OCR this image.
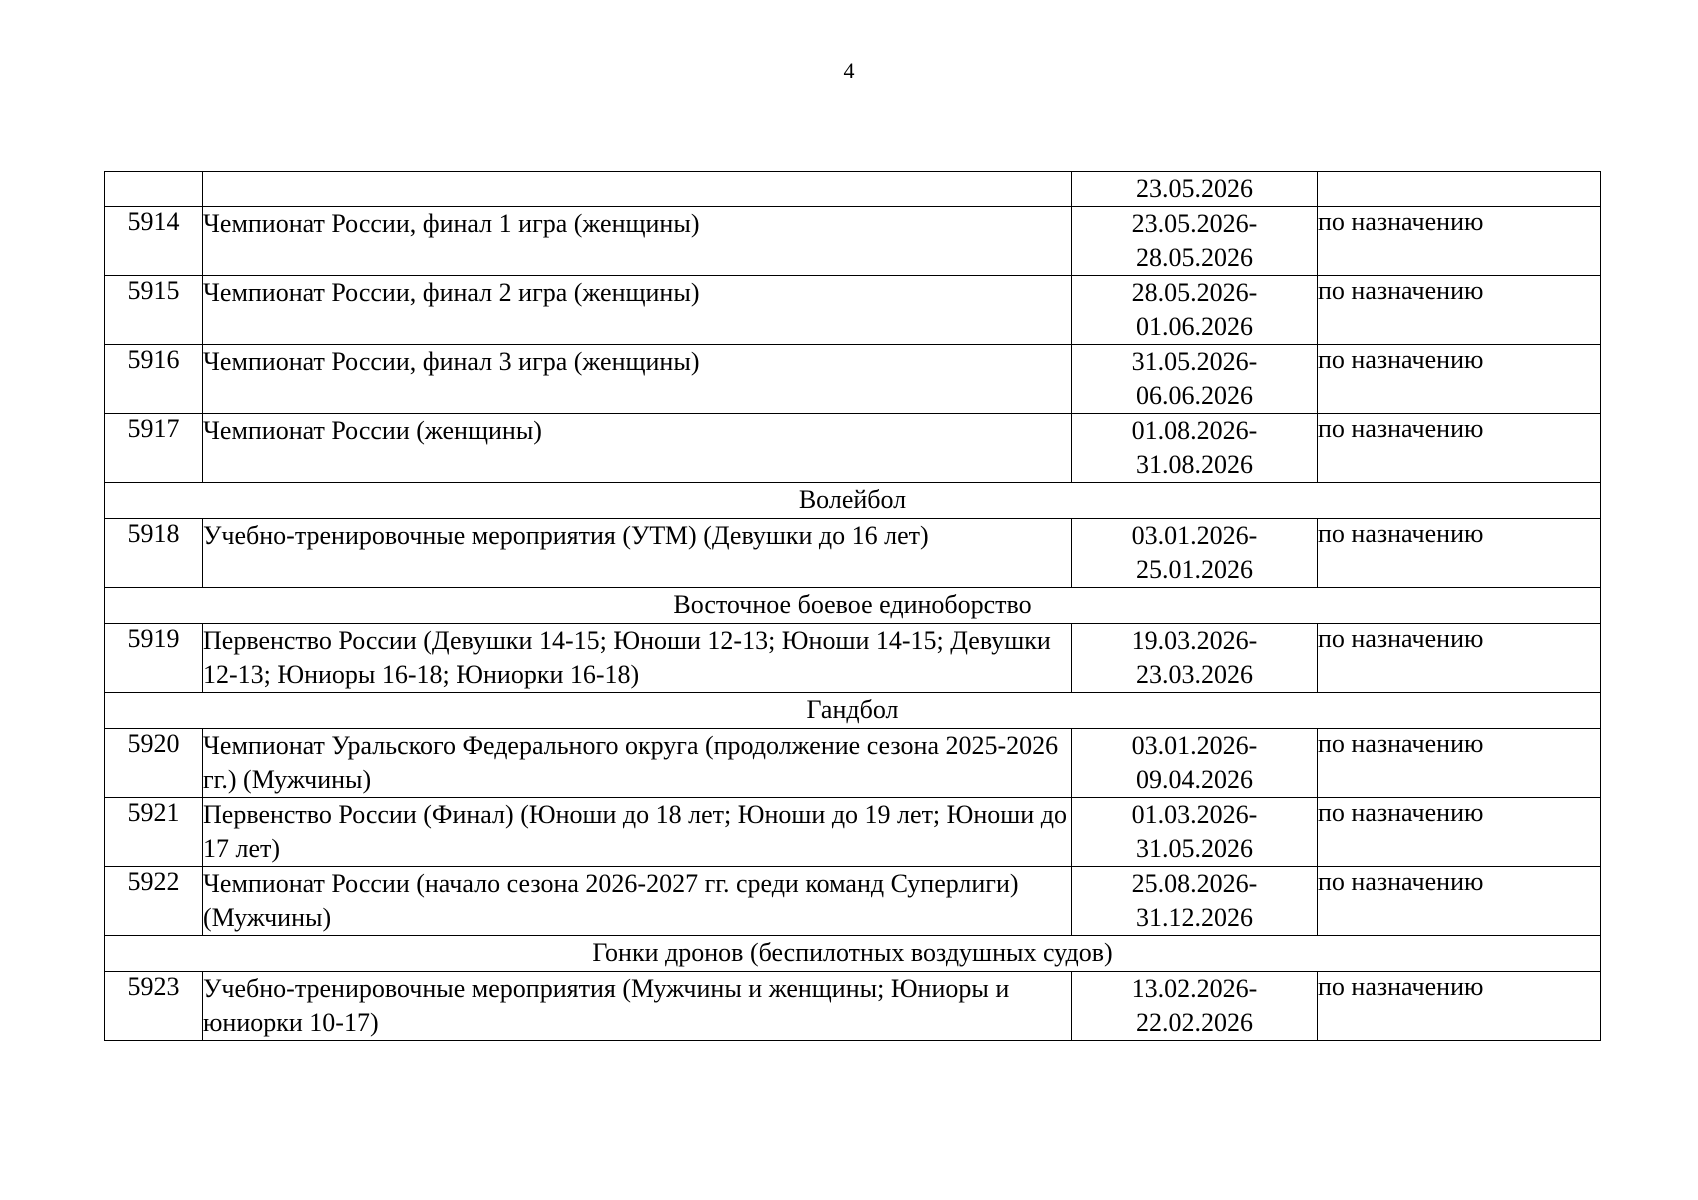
4

		23.05.2026	

5914	Чемпионат России, финал 1 игра (женщины)	23.05.2026-
28.05.2026	по назначению
5915	Чемпионат России, финал 2 игра (женщины)	28.05.2026-
01.06.2026	по назначению
5916	Чемпионат России, финал 3 игра (женщины)	31.05.2026-
06.06.2026	по назначению
5917	Чемпионат России (женщины)	01.08.2026-
31.08.2026	по назначению
Волейбол			
5918	Учебно-тренировочные мероприятия (УТМ) (Девушки до 16 лет)	03.01.2026-
25.01.2026	по назначению
Восточное боевое единоборство			
5919	Первенство России (Девушки 14-15; Юноши 12-13; Юноши 14-15; Девушки 12-13; Юниоры 16-18; Юниорки 16-18)	19.03.2026-
23.03.2026	по назначению
Гандбол			
5920	Чемпионат Уральского Федерального округа (продолжение сезона 2025-2026 гг.) (Мужчины)	03.01.2026-
09.04.2026	по назначению
5921	Первенство России (Финал) (Юноши до 18 лет; Юноши до 19 лет; Юноши до 17 лет)	01.03.2026-
31.05.2026	по назначению
5922	Чемпионат России (начало сезона 2026-2027 гг. среди команд Суперлиги) (Мужчины)	25.08.2026-
31.12.2026	по назначению
Гонки дронов (беспилотных воздушных судов)			
5923	Учебно-тренировочные мероприятия (Мужчины и женщины; Юниоры и юниорки 10-17)	13.02.2026-
22.02.2026	по назначению
